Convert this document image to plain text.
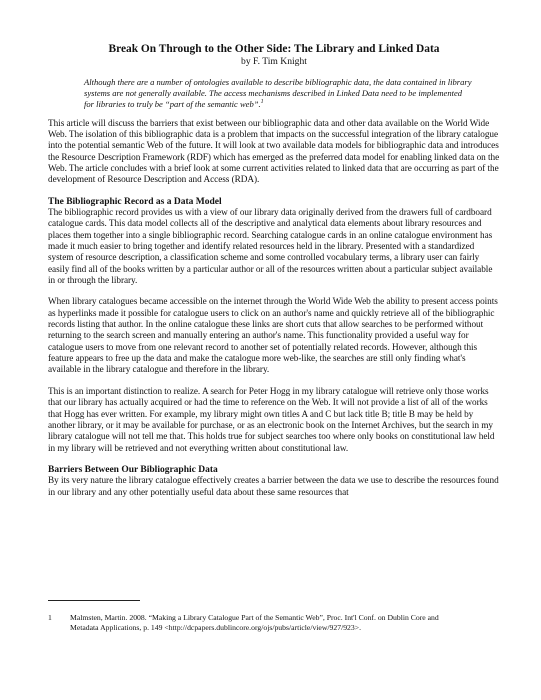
Break On Through to the Other Side: The Library and Linked Data
by F. Tim Knight
Although there are a number of ontologies available to describe bibliographic data, the data contained in library systems are not generally available. The access mechanisms described in Linked Data need to be implemented for libraries to truly be “part of the semantic web”.$^1$

This article will discuss the barriers that exist between our bibliographic data and other data available on the World Wide Web. The isolation of this bibliographic data is a problem that impacts on the successful integration of the library catalogue into the potential semantic Web of the future. It will look at two available data models for bibliographic data and introduces the Resource Description Framework (RDF) which has emerged as the preferred data model for enabling linked data on the Web. The article concludes with a brief look at some current activities related to linked data that are occurring as part of the development of Resource Description and Access (RDA).

The Bibliographic Record as a Data Model

The bibliographic record provides us with a view of our library data originally derived from the drawers full of cardboard catalogue cards. This data model collects all of the descriptive and analytical data elements about library resources and places them together into a single bibliographic record. Searching catalogue cards in an online catalogue environment has made it much easier to bring together and identify related resources held in the library. Presented with a standardized system of resource description, a classification scheme and some controlled vocabulary terms, a library user can fairly easily find all of the books written by a particular author or all of the resources written about a particular subject available in or through the library.

When library catalogues became accessible on the internet through the World Wide Web the ability to present access points as hyperlinks made it possible for catalogue users to click on an author's name and quickly retrieve all of the bibliographic records listing that author. In the online catalogue these links are short cuts that allow searches to be performed without returning to the search screen and manually entering an author's name. This functionality provided a useful way for catalogue users to move from one relevant record to another set of potentially related records. However, although this feature appears to free up the data and make the catalogue more web-like, the searches are still only finding what's available in the library catalogue and therefore in the library.

This is an important distinction to realize. A search for Peter Hogg in my library catalogue will retrieve only those works that our library has actually acquired or had the time to reference on the Web. It will not provide a list of all of the works that Hogg has ever written. For example, my library might own titles A and C but lack title B; title B may be held by another library, or it may be available for purchase, or as an electronic book on the Internet Archives, but the search in my library catalogue will not tell me that. This holds true for subject searches too where only books on constitutional law held in my library will be retrieved and not everything written about constitutional law.

Barriers Between Our Bibliographic Data

By its very nature the library catalogue effectively creates a barrier between the data we use to describe the resources found in our library and any other potentially useful data about these same resources that

1 Malmsten, Martin. 2008. “Making a Library Catalogue Part of the Semantic Web”, Proc. Int'l Conf. on Dublin Core and
Metadata Applications, p. 149 <http://dcpapers.dublincore.org/ojs/pubs/article/view/927/923>.
